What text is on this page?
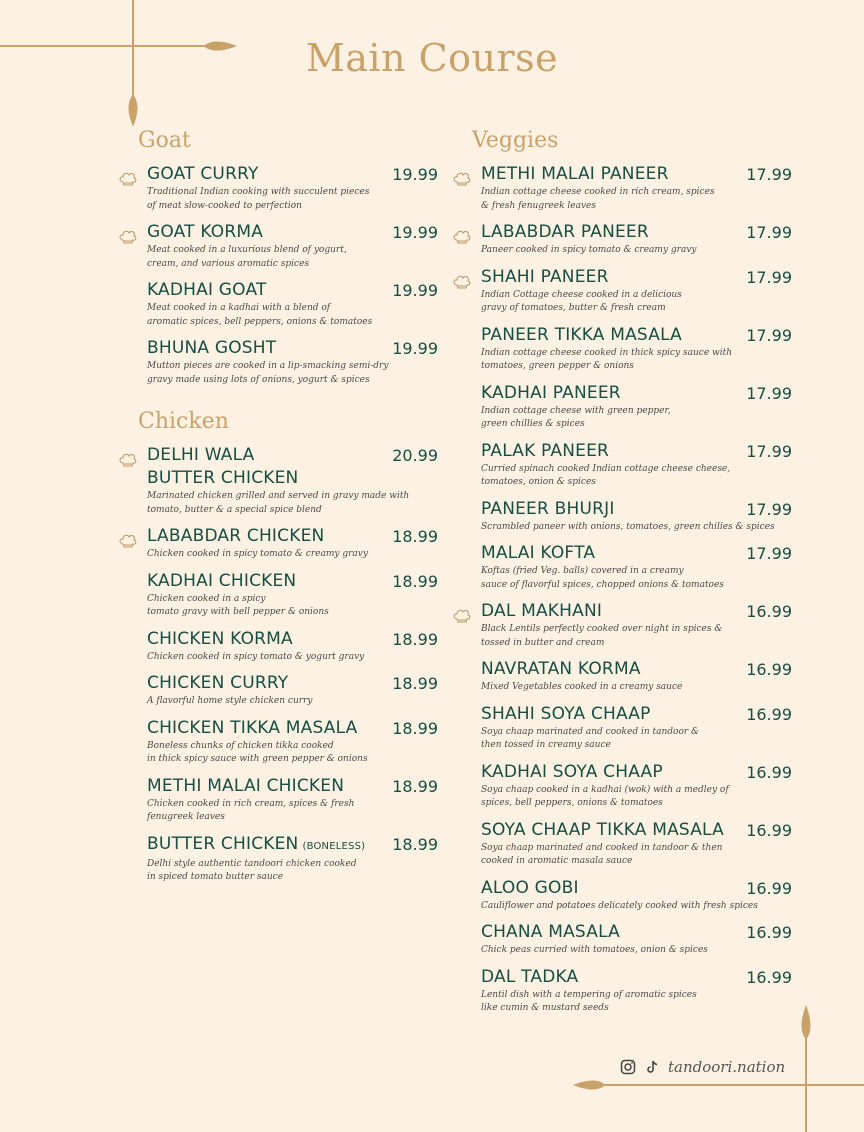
Main Course
Goat
GOAT CURRY	19.99
Traditional Indian cooking with succulent pieces
of meat slow-cooked to perfection
GOAT KORMA	19.99
Meat cooked in a luxurious blend of yogurt,
cream, and various aromatic spices
KADHAI GOAT	19.99
Meat cooked in a kadhai with a blend of
aromatic spices, bell peppers, onions & tomatoes
BHUNA GOSHT	19.99
Mutton pieces are cooked in a lip-smacking semi-dry
gravy made using lots of onions, yogurt & spices
Chicken
DELHI WALA
BUTTER CHICKEN
20.99
Marinated chicken grilled and served in gravy made with
tomato, butter & a special spice blend
LABABDAR CHICKEN	18.99
Chicken cooked in spicy tomato & creamy gravy
KADHAI CHICKEN	18.99
Chicken cooked in a spicy
tomato gravy with bell pepper & onions
CHICKEN KORMA	18.99
Chicken cooked in spicy tomato & yogurt gravy
CHICKEN CURRY	18.99
A flavorful home style chicken curry
CHICKEN TIKKA MASALA 18.99
Boneless chunks of chicken tikka cooked
in thick spicy sauce with green pepper & onions
METHI MALAI CHICKEN	18.99
Chicken cooked in rich cream, spices & fresh
fenugreek leaves
BUTTER CHICKEN (BONELESS) 18.99
Delhi style authentic tandoori chicken cooked
in spiced tomato butter sauce
Veggies
METHI MALAI PANEER	17.99
Indian cottage cheese cooked in rich cream, spices
& fresh fenugreek leaves
LABABDAR PANEER	17.99
Paneer cooked in spicy tomato & creamy gravy
SHAHI PANEER	17.99
Indian Cottage cheese cooked in a delicious
gravy of tomatoes, butter & fresh cream
PANEER TIKKA MASALA	17.99
Indian cottage cheese cooked in thick spicy sauce with
tomatoes, green pepper & onions
KADHAI PANEER	17.99
Indian cottage cheese with green pepper,
green chillies & spices
PALAK PANEER	17.99
Curried spinach cooked Indian cottage cheese cheese,
tomatoes, onion & spices
PANEER BHURJI	17.99
Scrambled paneer with onions, tomatoes, green chilies & spices
MALAI KOFTA	17.99
Koftas (fried Veg. balls) covered in a creamy
sauce of flavorful spices, chopped onions & tomatoes
DAL MAKHANI	16.99
Black Lentils perfectly cooked over night in spices &
tossed in butter and cream
NAVRATAN KORMA	16.99
Mixed Vegetables cooked in a creamy sauce
SHAHI SOYA CHAAP	16.99
Soya chaap marinated and cooked in tandoor &
then tossed in creamy sauce
KADHAI SOYA CHAAP	16.99
Soya chaap cooked in a kadhai (wok) with a medley of
spices, bell peppers, onions & tomatoes
SOYA CHAAP TIKKA MASALA 16.99
Soya chaap marinated and cooked in tandoor & then
cooked in aromatic masala sauce
ALOO GOBI	16.99
Cauliflower and potatoes delicately cooked with fresh spices
CHANA MASALA	16.99
Chick peas curried with tomatoes, onion & spices
DAL TADKA	16.99
Lentil dish with a tempering of aromatic spices
like cumin & mustard seeds
tandoori.nation
